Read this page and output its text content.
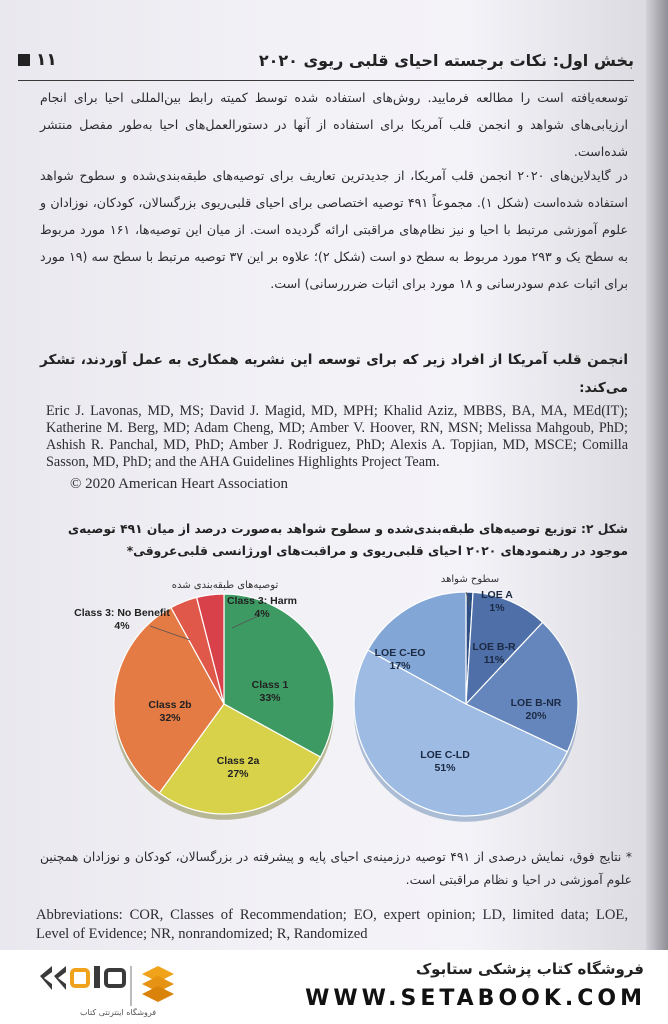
بخش اول: نکات برجسته احیای قلبی ریوی ۲۰۲۰
۱۱

توسعه‌یافته است را مطالعه فرمایید. روش‌های استفاده شده توسط کمیته رابط بین‌المللی احیا برای انجام ارزیابی‌های شواهد و انجمن قلب آمریکا برای استفاده از آنها در دستورالعمل‌های احیا به‌طور مفصل منتشر شده‌است.

در گایدلاین‌های ۲۰۲۰ انجمن قلب آمریکا، از جدیدترین تعاریف برای توصیه‌های طبقه‌بندی‌شده و سطوح شواهد استفاده شده‌است (شکل ۱). مجموعاً ۴۹۱ توصیه اختصاصی برای احیای قلبی‌ریوی بزرگسالان، کودکان، نوزادان و علوم آموزشی مرتبط با احیا و نیز نظام‌های مراقبتی ارائه گردیده است. از میان این توصیه‌ها، ۱۶۱ مورد مربوط به سطح یک و ۲۹۳ مورد مربوط به سطح دو است (شکل ۲)؛ علاوه بر این ۳۷ توصیه مرتبط با سطح سه (۱۹ مورد برای اثبات عدم سودرسانی و ۱۸ مورد برای اثبات ضرررسانی) است.

انجمن قلب آمریکا از افراد زیر که برای توسعه این نشریه همکاری به عمل آوردند، تشکر می‌کند:

Eric J. Lavonas, MD, MS; David J. Magid, MD, MPH; Khalid Aziz, MBBS, BA, MA, MEd(IT); Katherine M. Berg, MD; Adam Cheng, MD; Amber V. Hoover, RN, MSN; Melissa Mahgoub, PhD; Ashish R. Panchal, MD, PhD; Amber J. Rodriguez, PhD; Alexis A. Topjian, MD, MSCE; Comilla Sasson, MD, PhD; and the AHA Guidelines Highlights Project Team.
© 2020 American Heart Association
شکل ۲: توزیع توصیه‌های طبقه‌بندی‌شده و سطوح شواهد به‌صورت درصد از میان ۴۹۱ توصیه‌ی موجود در رهنمودهای ۲۰۲۰ احیای قلبی‌ریوی و مراقبت‌های اورژانسی قلبی‌عروقی*
توصیه‌های طبقه‌بندی شده
سطوح شواهد
Class 1
33%
Class 2a
27%
Class 2b
32%
Class 3: No Benefit
4%
Class 3: Harm
4%
LOE A
1%
LOE B-R
11%
LOE B-NR
20%
LOE C-LD
51%
LOE C-EO
17%
* نتایج فوق، نمایش درصدی از ۴۹۱ توصیه درزمینه‌ی احیای پایه و پیشرفته در بزرگسالان، کودکان و نوزادان همچنین علوم آموزشی در احیا و نظام مراقبتی است.
Abbreviations: COR, Classes of Recommendation; EO, expert opinion; LD, limited data; LOE, Level of Evidence; NR, nonrandomized; R, Randomized
فروشگاه اینترنتی کتاب
فروشگاه کتاب پزشکی ستابوک
WWW.SETABOOK.COM
